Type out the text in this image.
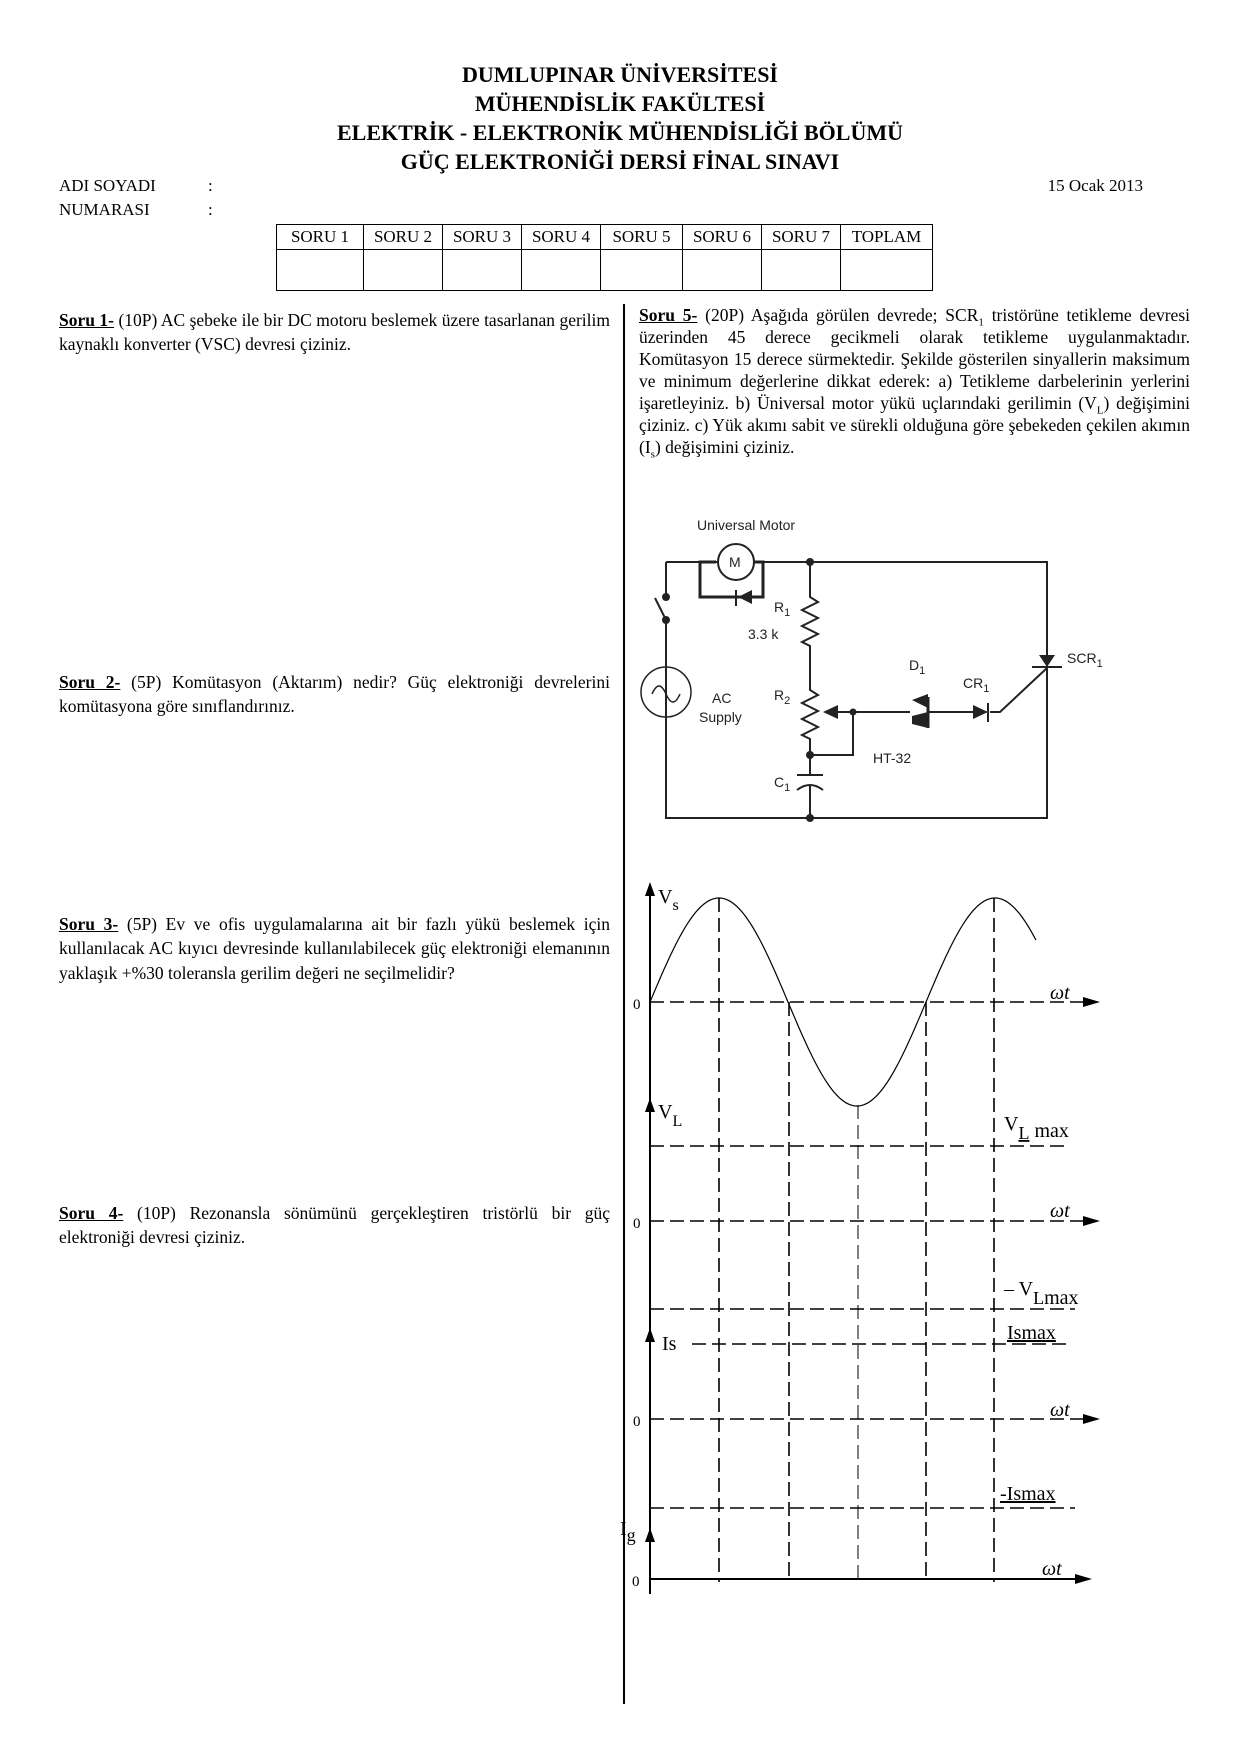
DUMLUPINAR ÜNİVERSİTESİ
MÜHENDİSLİK FAKÜLTESİ
ELEKTRİK - ELEKTRONİK MÜHENDİSLİĞİ BÖLÜMÜ
GÜÇ ELEKTRONİĞİ DERSİ FİNAL SINAVI
ADI SOYADI	:
NUMARASI	:
15 Ocak 2013
SORU 1	SORU 2	SORU 3	SORU 4	SORU 5	SORU 6	SORU 7	TOPLAM

Soru 1- (10P) AC şebeke ile bir DC motoru beslemek üzere tasarlanan gerilim kaynaklı konverter (VSC) devresi çiziniz.
Soru 2- (5P) Komütasyon (Aktarım) nedir? Güç elektroniği devrelerini komütasyona göre sınıflandırınız.
Soru 3- (5P) Ev ve ofis uygulamalarına ait bir fazlı yükü beslemek için kullanılacak AC kıyıcı devresinde kullanılabilecek güç elektroniği elemanının yaklaşık +%30 toleransla gerilim değeri ne seçilmelidir?
Soru 4- (10P) Rezonansla sönümünü gerçekleştiren tristörlü bir güç elektroniği devresi çiziniz.
Soru 5- (20P) Aşağıda görülen devrede; $SCR_1$ tristörüne tetikleme devresi üzerinden 45 derece gecikmeli olarak tetikleme uygulanmaktadır. Komütasyon 15 derece sürmektedir. Şekilde gösterilen sinyallerin maksimum ve minimum değerlerine dikkat ederek: a) Tetikleme darbelerinin yerlerini işaretleyiniz. b) Üniversal motor yükü uçlarındaki gerilimin $(V_L)$ değişimini çiziniz. c) Yük akımı sabit ve sürekli olduğuna göre şebekeden çekilen akımın $(I_s)$ değişimini çiziniz.
Universal Motor
M
$R_1$
3.3 k
$R_2$
$C_1$
$D_1$
$CR_1$
$SCR_1$
AC
Supply
HT-32
$V_s$
0
ωt
$V_L$	VL max
0
ωt
– VLmax
Is	Ismax
0
ωt
-Ismax
Ig
0
ωt
